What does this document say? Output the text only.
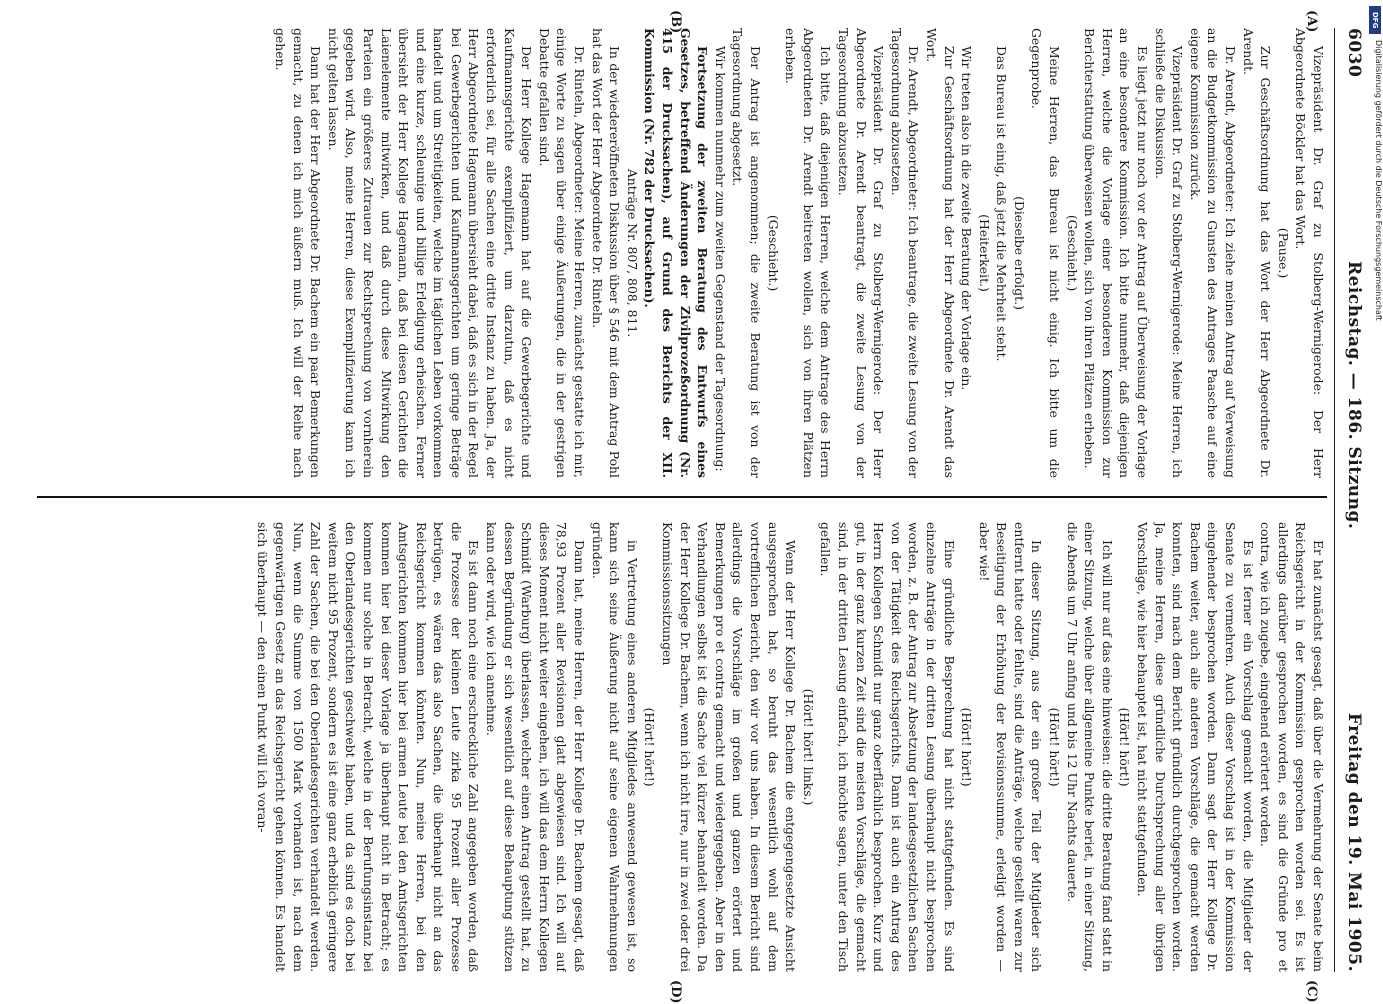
6030
Reichstag. — 186. Sitzung.
Freitag den 19. Mai 1905.
(A)
(B)
(C)
(D)

Vizepräsident Dr. Graf zu Stolberg-Wernigerode: Der Herr Abgeordnete Böckler hat das Wort.

(Pause.)

Zur Geschäftsordnung hat das Wort der Herr Abgeordnete Dr. Arendt.

Dr. Arendt, Abgeordneter: Ich ziehe meinen Antrag auf Verweisung an die Budgetkommission zu Gunsten des Antrages Paasche auf eine eigene Kommission zurück.

Vizepräsident Dr. Graf zu Stolberg-Wernigerode: Meine Herren, ich schließe die Diskussion.

Es liegt jetzt nur noch vor der Antrag auf Überweisung der Vorlage an eine besondere Kommission. Ich bitte nunmehr, daß diejenigen Herren, welche die Vorlage einer besonderen Kommission zur Berichterstattung überweisen wollen, sich von ihren Plätzen erheben.

(Geschieht.)

Meine Herren, das Bureau ist nicht einig. Ich bitte um die Gegenprobe.

(Dieselbe erfolgt.)

Das Bureau ist einig, daß jetzt die Mehrheit steht.

(Heiterkeit.)

Wir treten also in die zweite Beratung der Vorlage ein.

Zur Geschäftsordnung hat der Herr Abgeordnete Dr. Arendt das Wort.

Dr. Arendt, Abgeordneter: Ich beantrage, die zweite Lesung von der Tagesordnung abzusetzen.

Vizepräsident Dr. Graf zu Stolberg-Wernigerode: Der Herr Abgeordnete Dr. Arendt beantragt, die zweite Lesung von der Tagesordnung abzusetzen.

Ich bitte, daß diejenigen Herren, welche dem Antrage des Herrn Abgeordneten Dr. Arendt beitreten wollen, sich von ihren Plätzen erheben.

(Geschieht.)

Der Antrag ist angenommen; die zweite Beratung ist von der Tagesordnung abgesetzt.

Wir kommen nunmehr zum zweiten Gegenstand der Tagesordnung:

Fortsetzung der zweiten Beratung des Entwurfs eines Gesetzes, betreffend Änderungen der Zivilprozeßordnung (Nr. 415 der Drucksachen), auf Grund des Berichts der XII. Kommission (Nr. 782 der Drucksachen).

Anträge Nr. 807, 808, 811.

In der wiedereröffneten Diskussion über § 546 mit dem Antrag Pohl hat das Wort der Herr Abgeordnete Dr. Rinteln.

Dr. Rinteln, Abgeordneter: Meine Herren, zunächst gestatte ich mir, einige Worte zu sagen über einige Äußerungen, die in der gestrigen Debatte gefallen sind.

Der Herr Kollege Hagemann hat auf die Gewerbegerichte und Kaufmannsgerichte exemplifiziert, um darzutun, daß es nicht erforderlich sei, für alle Sachen eine dritte Instanz zu haben. Ja, der Herr Abgeordnete Hagemann übersieht dabei, daß es sich in der Regel bei Gewerbegerichten und Kaufmannsgerichten um geringe Beträge handelt und um Streitigkeiten, welche im täglichen Leben vorkommen und eine kurze, schleunige und billige Erledigung erheischen. Ferner übersieht der Herr Kollege Hagemann, daß bei diesen Gerichten die Laienelemente mitwirken, und daß durch diese Mitwirkung den Parteien ein größeres Zutrauen zur Rechtsprechung von vornherein gegeben wird. Also, meine Herren, diese Exemplifizierung kann ich nicht gelten lassen.

Dann hat der Herr Abgeordnete Dr. Bachem ein paar Bemerkungen gemacht, zu denen ich mich äußern muß. Ich will der Reihe nach gehen.

Er hat zunächst gesagt, daß über die Vermehrung der Senate beim Reichsgericht in der Kommission gesprochen worden sei. Es ist allerdings darüber gesprochen worden, es sind die Gründe pro et contra, wie ich zugebe, eingehend erörtert worden.

Es ist ferner ein Vorschlag gemacht worden, die Mitglieder der Senate zu vermehren. Auch dieser Vorschlag ist in der Kommission eingehender besprochen worden. Dann sagt der Herr Kollege Dr. Bachem weiter, auch alle anderen Vorschläge, die gemacht werden konnten, sind nach dem Bericht gründlich durchgesprochen worden. Ja, meine Herren, diese gründliche Durchsprechung aller übrigen Vorschläge, wie hier behauptet ist, hat nicht stattgefunden.

(Hört! hört!)

Ich will nur auf das eine hinweisen: die dritte Beratung fand statt in einer Sitzung, welche über allgemeine Punkte beriet, in einer Sitzung, die Abends um 7 Uhr anfing und bis 12 Uhr Nachts dauerte.

(Hört! hört!)

In dieser Sitzung, aus der ein großer Teil der Mitglieder sich entfernt hatte oder fehlte, sind die Anträge, welche gestellt waren zur Beseitigung der Erhöhung der Revisionssumme, erledigt worden — aber wie!

(Hört! hört!)

Eine gründliche Besprechung hat nicht stattgefunden. Es sind einzelne Anträge in der dritten Lesung überhaupt nicht besprochen worden, z. B. der Antrag zur Absetzung der landesgesetzlichen Sachen von der Tätigkeit des Reichsgerichts. Dann ist auch ein Antrag des Herrn Kollegen Schmidt nur ganz oberflächlich besprochen. Kurz und gut, in der ganz kurzen Zeit sind die meisten Vorschläge, die gemacht sind, in der dritten Lesung einfach, ich möchte sagen, unter den Tisch gefallen.

(Hört! hört! links.)

Wenn der Herr Kollege Dr. Bachem die entgegengesetzte Ansicht ausgesprochen hat, so beruht das wesentlich wohl auf dem vortrefflichen Bericht, den wir vor uns haben. In diesem Bericht sind allerdings die Vorschläge im großen und ganzen erörtert und Bemerkungen pro et contra gemacht und wiedergegeben. Aber in den Verhandlungen selbst ist die Sache viel kürzer behandelt worden. Da der Herr Kollege Dr. Bachem, wenn ich nicht irre, nur in zwei oder drei Kommissionssitzungen

(Hört! hört!)

in Vertretung eines anderen Mitgliedes anwesend gewesen ist, so kann sich seine Äußerung nicht auf seine eigenen Wahrnehmungen gründen.

Dann hat, meine Herren, der Herr Kollege Dr. Bachem gesagt, daß 78,93 Prozent aller Revisionen glatt abgewiesen sind. Ich will auf dieses Moment nicht weiter eingehen, ich will das dem Herrn Kollegen Schmidt (Warburg) überlassen, welcher einen Antrag gestellt hat, zu dessen Begründung er sich wesentlich auf diese Behauptung stützen kann oder wird, wie ich annehme.

Es ist dann noch eine erschreckliche Zahl angegeben worden, daß die Prozesse der kleinen Leute zirka 95 Prozent aller Prozesse betrügen, es wären das also Sachen, die überhaupt nicht an das Reichsgericht kommen könnten. Nun, meine Herren, bei den Amtsgerichten kommen hier bei armen Leute bei den Amtsgerichten kommen hier bei dieser Vorlage ja überhaupt nicht in Betracht; es kommen nur solche in Betracht, welche in der Berufungsinstanz bei den Oberlandesgerichten geschwebt haben, und da sind es doch bei weitem nicht 95 Prozent, sondern es ist eine ganz erheblich geringere Zahl der Sachen, die bei den Oberlandesgerichten verhandelt werden. Nun, wenn die Summe von 1500 Mark vorhanden ist, nach dem gegenwärtigen Gesetz an das Reichsgericht gehen können. Es handelt sich überhaupt — den einen Punkt will ich voran-

DFG
Digitalisierung gefördert durch die Deutsche Forschungsgemeinschaft
